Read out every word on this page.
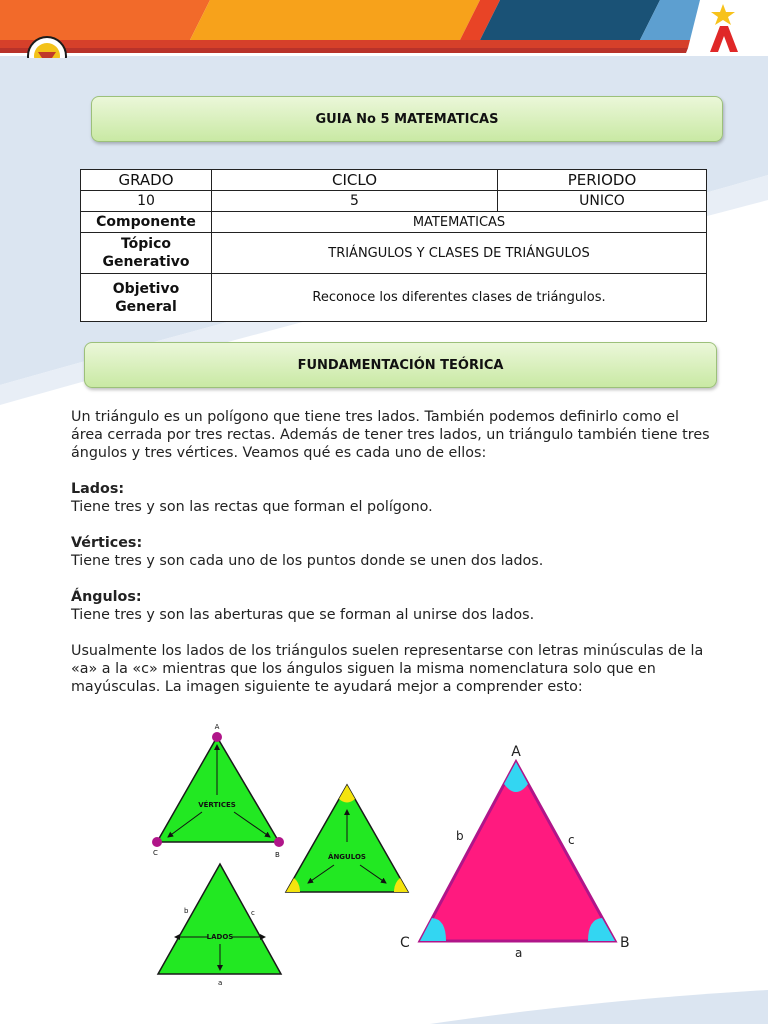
GUIA No 5 MATEMATICAS
GRADO	CICLO	PERIODO
10	5	UNICO
Componente	MATEMATICAS	
Tópico
Generativo	TRIÁNGULOS Y CLASES DE TRIÁNGULOS	
Objetivo
General	Reconoce los diferentes clases de triángulos.	
FUNDAMENTACIÓN TEÓRICA

Un triángulo es un polígono que tiene tres lados. También podemos definirlo como el área cerrada por tres rectas. Además de tener tres lados, un triángulo también tiene tres ángulos y tres vértices. Veamos qué es cada uno de ellos:

Lados:
Tiene tres y son las rectas que forman el polígono.

Vértices:
Tiene tres y son cada uno de los puntos donde se unen dos lados.

Ángulos:
Tiene tres y son las aberturas que se forman al unirse dos lados.

Usualmente los lados de los triángulos suelen representarse con letras minúsculas de la «a» a la «c» mientras que los ángulos siguen la misma nomenclatura solo que en mayúsculas. La imagen siguiente te ayudará mejor a comprender esto:

VÉRTICES
A
C	B	ÁNGULOS
LADOS
b	c
a
A
C	B
b	c
a
